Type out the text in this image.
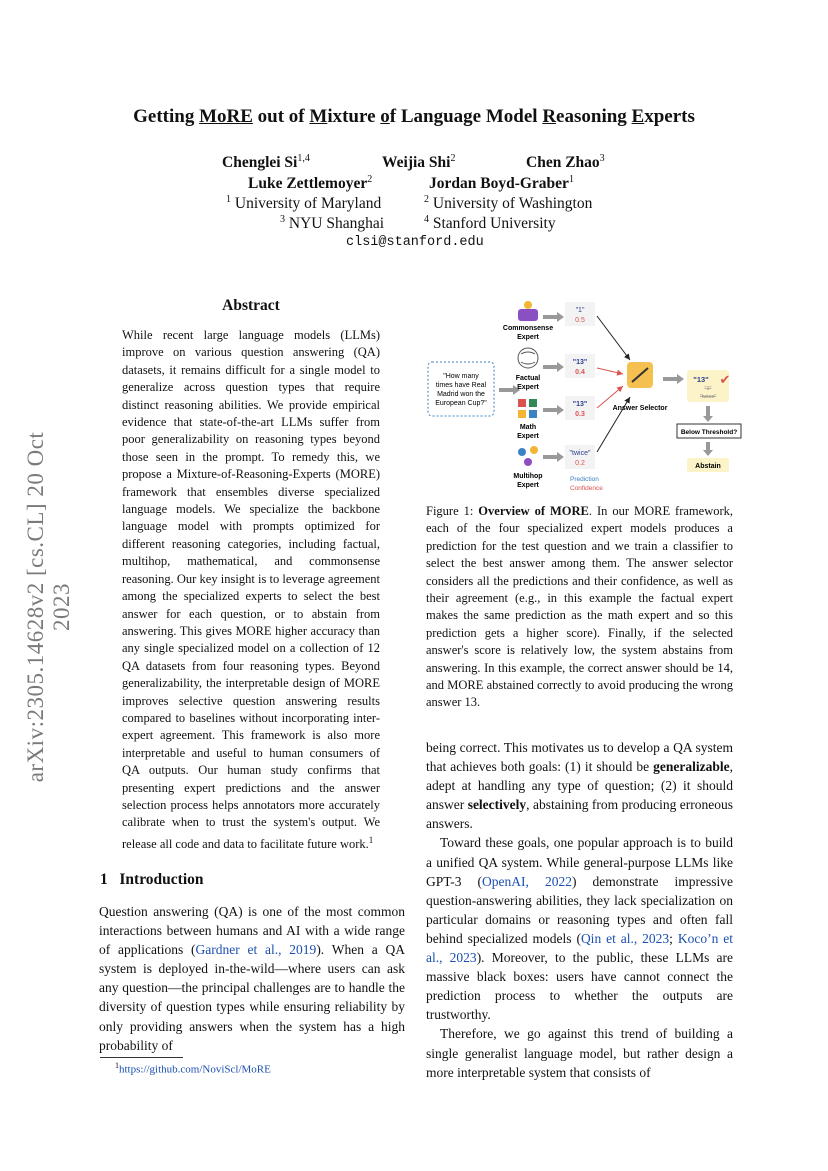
arXiv:2305.14628v2 [cs.CL] 20 Oct 2023
Getting MoRE out of Mixture of Language Model Reasoning Experts
Chenglei Si$^{1,4}$	Weijia Shi$^2$	Chen Zhao$^3$
Luke Zettlemoyer$^2$	Jordan Boyd-Graber$^1$
$^1$ University of Maryland	$^2$ University of Washington
$^3$ NYU Shanghai	$^4$ Stanford University
clsi@stanford.edu
Abstract

While recent large language models (LLMs) improve on various question answering (QA) datasets, it remains difficult for a single model to generalize across question types that require distinct reasoning abilities. We provide empirical evidence that state-of-the-art LLMs suffer from poor generalizability on reasoning types beyond those seen in the prompt. To remedy this, we propose a Mixture-of-Reasoning-Experts (MORE) framework that ensembles diverse specialized language models. We specialize the backbone language model with prompts optimized for different reasoning categories, including factual, multihop, mathematical, and commonsense reasoning. Our key insight is to leverage agreement among the specialized experts to select the best answer for each question, or to abstain from answering. This gives MORE higher accuracy than any single specialized model on a collection of 12 QA datasets from four reasoning types. Beyond generalizability, the interpretable design of MORE improves selective question answering results compared to baselines without incorporating inter-expert agreement. This framework is also more interpretable and useful to human consumers of QA outputs. Our human study confirms that presenting expert predictions and the answer selection process helps annotators more accurately calibrate when to trust the system's output. We release all code and data to facilitate future work.$^1$

1 Introduction

Question answering (QA) is one of the most common interactions between humans and AI with a wide range of applications (Gardner et al., 2019). When a QA system is deployed in-the-wild—where users can ask any question—the principal challenges are to handle the diversity of question types while ensuring reliability by only providing answers when the system has a high probability of

$^1$https://github.com/NoviScl/MoRE
"How many
times have Real
Madrid won the
European Cup?"
Commonsense
Expert
"1"
0.5
Factual
Expert
"13"
0.4
Math
Expert
"13"
0.3
Multihop
Expert
"twice"
0.2
Prediction
Confidence
Answer Selector
"13" ✔
"1"
"twice"
Below Threshold?
Abstain

Figure 1: Overview of MORE. In our MORE framework, each of the four specialized expert models produces a prediction for the test question and we train a classifier to select the best answer among them. The answer selector considers all the predictions and their confidence, as well as their agreement (e.g., in this example the factual expert makes the same prediction as the math expert and so this prediction gets a higher score). Finally, if the selected answer's score is relatively low, the system abstains from answering. In this example, the correct answer should be 14, and MORE abstained correctly to avoid producing the wrong answer 13.

being correct. This motivates us to develop a QA system that achieves both goals: (1) it should be generalizable, adept at handling any type of question; (2) it should answer selectively, abstaining from producing erroneous answers.

Toward these goals, one popular approach is to build a unified QA system. While general-purpose LLMs like GPT-3 (OpenAI, 2022) demonstrate impressive question-answering abilities, they lack specialization on particular domains or reasoning types and often fall behind specialized models (Qin et al., 2023; Koco’n et al., 2023). Moreover, to the public, these LLMs are massive black boxes: users have cannot connect the prediction process to whether the outputs are trustworthy.

Therefore, we go against this trend of building a single generalist language model, but rather design a more interpretable system that consists of
